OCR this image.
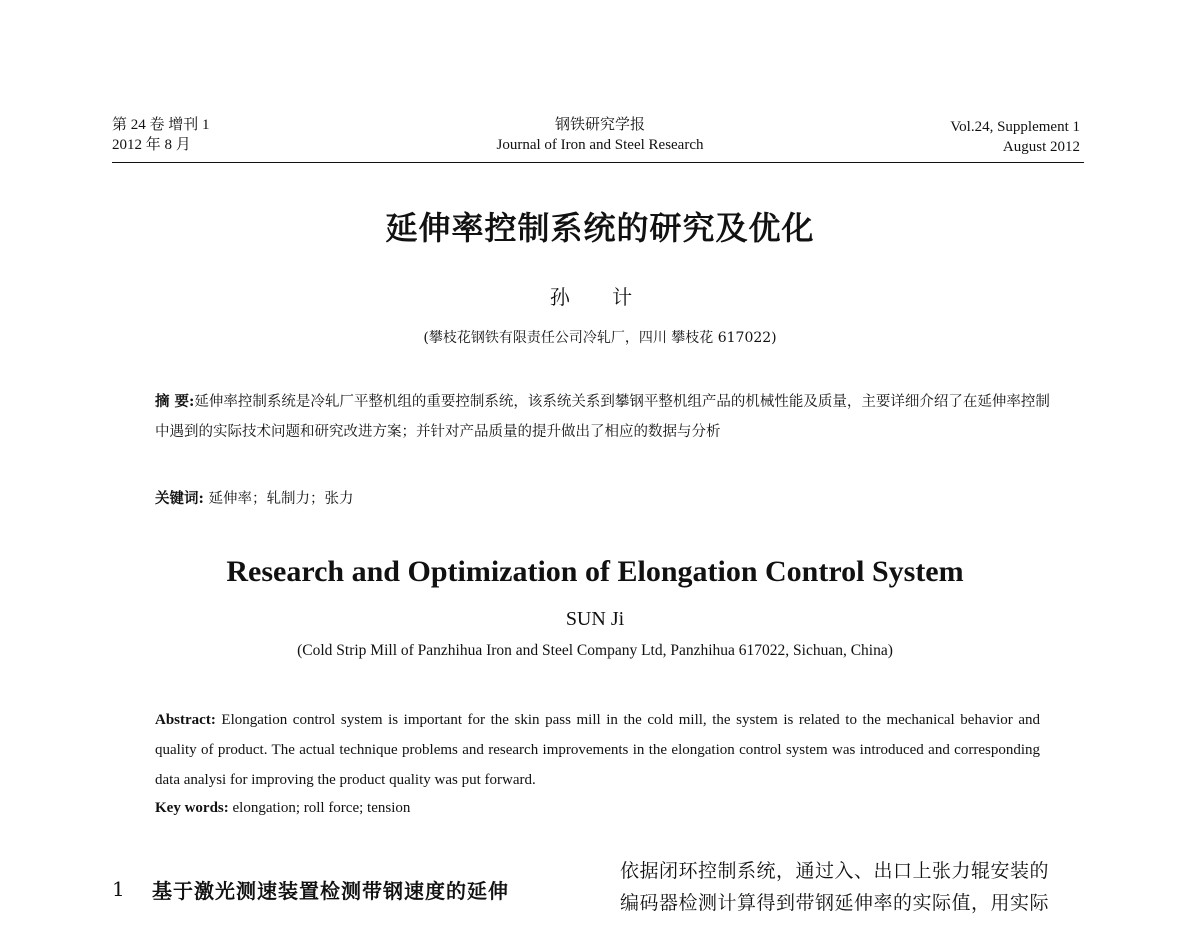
第 24 卷 增刊 1
2012 年 8 月
钢铁研究学报
Journal of Iron and Steel Research
Vol.24, Supplement 1
August 2012
延伸率控制系统的研究及优化
孙 计
(攀枝花钢铁有限责任公司冷轧厂，四川 攀枝花 617022)
摘 要:延伸率控制系统是冷轧厂平整机组的重要控制系统，该系统关系到攀钢平整机组产品的机械性能及质量，主要详细介绍了在延伸率控制中遇到的实际技术问题和研究改进方案；并针对产品质量的提升做出了相应的数据与分析
关键词: 延伸率；轧制力；张力
Research and Optimization of Elongation Control System
SUN Ji
(Cold Strip Mill of Panzhihua Iron and Steel Company Ltd, Panzhihua 617022, Sichuan, China)
Abstract: Elongation control system is important for the skin pass mill in the cold mill, the system is related to the mechanical behavior and quality of product. The actual technique problems and research improvements in the elongation control system was introduced and corresponding data analysi for improving the product quality was put forward.
Key words: elongation; roll force; tension
1 基于激光测速装置检测带钢速度的延伸
依据闭环控制系统，通过入、出口上张力辊安装的
编码器检测计算得到带钢延伸率的实际值，用实际
